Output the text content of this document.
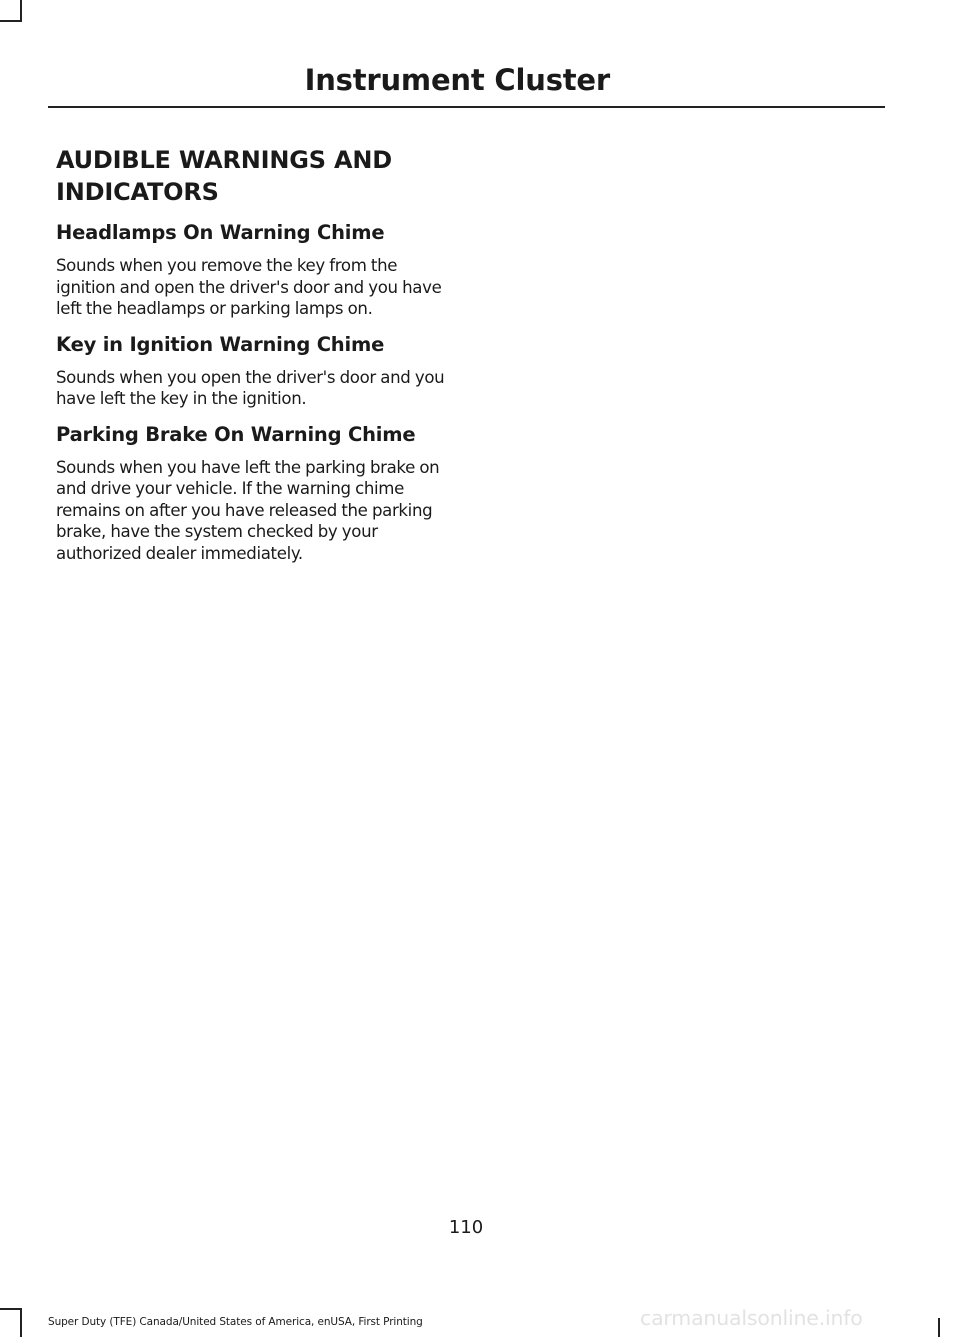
Instrument Cluster
AUDIBLE WARNINGS AND INDICATORS
Headlamps On Warning Chime

Sounds when you remove the key from the ignition and open the driver's door and you have left the headlamps or parking lamps on.

Key in Ignition Warning Chime

Sounds when you open the driver's door and you have left the key in the ignition.

Parking Brake On Warning Chime

Sounds when you have left the parking brake on and drive your vehicle. If the warning chime remains on after you have released the parking brake, have the system checked by your authorized dealer immediately.

110
Super Duty (TFE) Canada/United States of America, enUSA, First Printing	carmanualsonline.info
